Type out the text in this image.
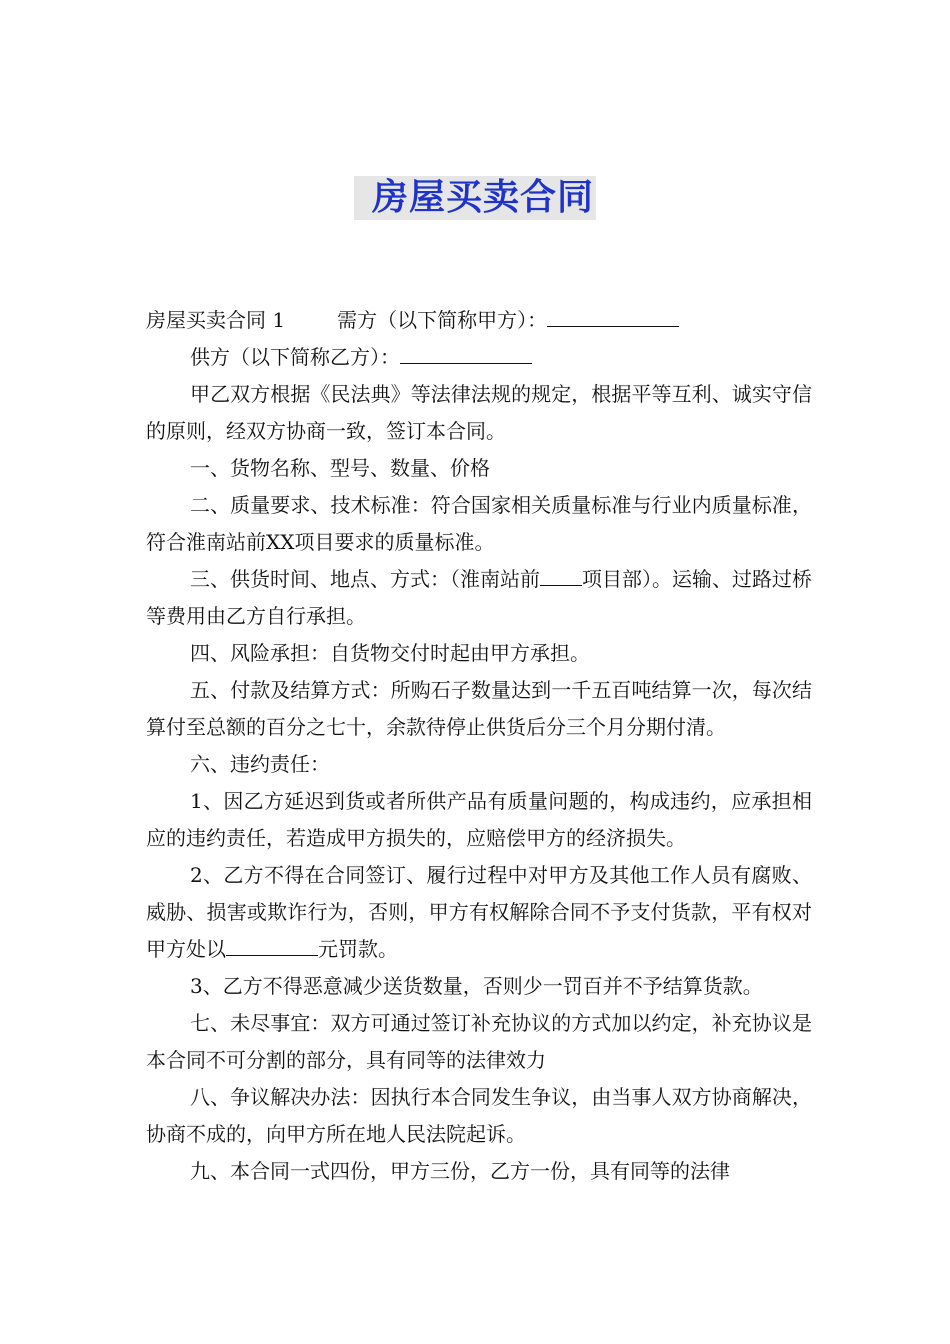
房屋买卖合同

房屋买卖合同 1	需方（以下简称甲方）：

供方（以下简称乙方）：

甲乙双方根据《民法典》等法律法规的规定，根据平等互利、诚实守信的原则，经双方协商一致，签订本合同。

一、货物名称、型号、数量、价格

二、质量要求、技术标准：符合国家相关质量标准与行业内质量标准，符合淮南站前XX项目要求的质量标准。

三、供货时间、地点、方式：（淮南站前 项目部）。运输、过路过桥等费用由乙方自行承担。

四、风险承担：自货物交付时起由甲方承担。

五、付款及结算方式：所购石子数量达到一千五百吨结算一次，每次结算付至总额的百分之七十，余款待停止供货后分三个月分期付清。

六、违约责任：

1、因乙方延迟到货或者所供产品有质量问题的，构成违约，应承担相应的违约责任，若造成甲方损失的，应赔偿甲方的经济损失。

2、乙方不得在合同签订、履行过程中对甲方及其他工作人员有腐败、威胁、损害或欺诈行为，否则，甲方有权解除合同不予支付货款，平有权对甲方处以	元罚款。

3、乙方不得恶意减少送货数量，否则少一罚百并不予结算货款。

七、未尽事宜：双方可通过签订补充协议的方式加以约定，补充协议是本合同不可分割的部分，具有同等的法律效力

八、争议解决办法：因执行本合同发生争议，由当事人双方协商解决，协商不成的，向甲方所在地人民法院起诉。

九、本合同一式四份，甲方三份，乙方一份，具有同等的法律
